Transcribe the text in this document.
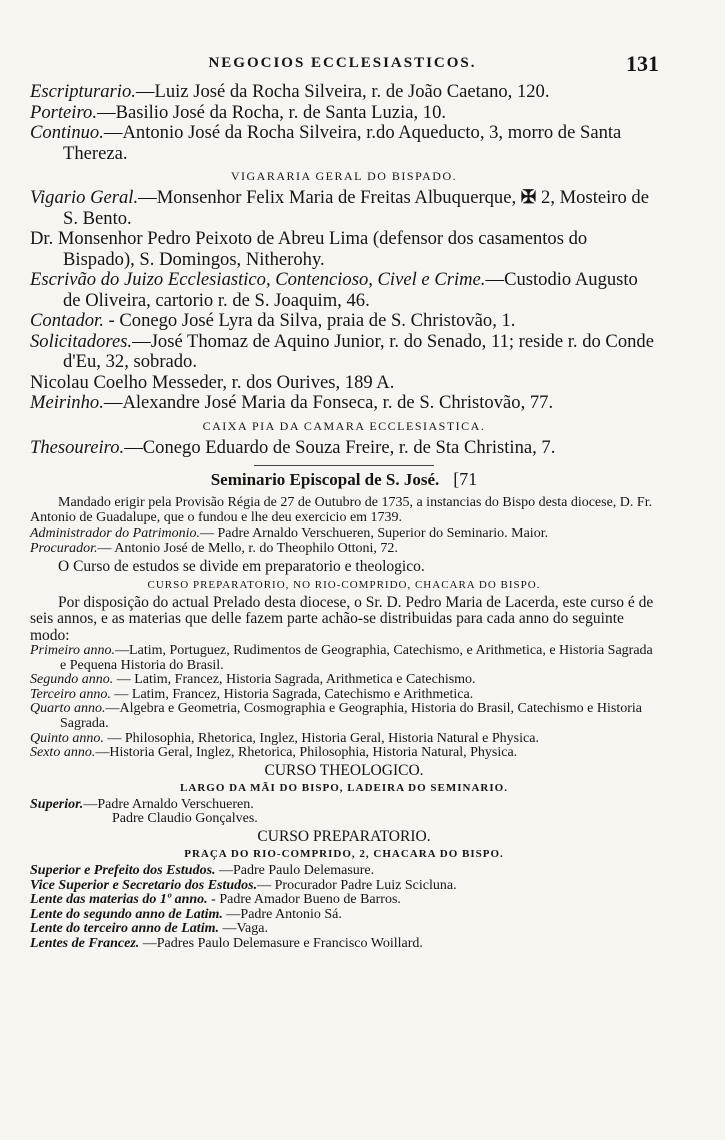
NEGOCIOS ECCLESIASTICOS.	131
Escripturario.—Luiz José da Rocha Silveira, r. de João Caetano, 120.
Porteiro.—Basilio José da Rocha, r. de Santa Luzia, 10.
Continuo.—Antonio José da Rocha Silveira, r.do Aqueducto, 3, morro de Santa Thereza.
VIGARARIA GERAL DO BISPADO.
Vigario Geral.—Monsenhor Felix Maria de Freitas Albuquerque, ✠ 2, Mosteiro de S. Bento.
Dr. Monsenhor Pedro Peixoto de Abreu Lima (defensor dos casamentos do Bispado), S. Domingos, Nitherohy.
Escrivão do Juizo Ecclesiastico, Contencioso, Civel e Crime.—Custodio Augusto de Oliveira, cartorio r. de S. Joaquim, 46.
Contador. - Conego José Lyra da Silva, praia de S. Christovão, 1.
Solicitadores.—José Thomaz de Aquino Junior, r. do Senado, 11; reside r. do Conde d'Eu, 32, sobrado.
Nicolau Coelho Messeder, r. dos Ourives, 189 A.
Meirinho.—Alexandre José Maria da Fonseca, r. de S. Christovão, 77.
CAIXA PIA DA CAMARA ECCLESIASTICA.
Thesoureiro.—Conego Eduardo de Souza Freire, r. de Sta Christina, 7.
Seminario Episcopal de S. José. [71
Mandado erigir pela Provisão Régia de 27 de Outubro de 1735, a instancias do Bispo desta diocese, D. Fr. Antonio de Guadalupe, que o fundou e lhe deu exercicio em 1739.
Administrador do Patrimonio.— Padre Arnaldo Verschueren, Superior do Seminario. Maior.
Procurador.— Antonio José de Mello, r. do Theophilo Ottoni, 72.
O Curso de estudos se divide em preparatorio e theologico.
CURSO PREPARATORIO, NO RIO-COMPRIDO, CHACARA DO BISPO.
Por disposição do actual Prelado desta diocese, o Sr. D. Pedro Maria de Lacerda, este curso é de seis annos, e as materias que delle fazem parte achão-se distribuidas para cada anno do seguinte modo:
Primeiro anno.—Latim, Portuguez, Rudimentos de Geographia, Catechismo, e Arithmetica, e Historia Sagrada e Pequena Historia do Brasil.
Segundo anno. — Latim, Francez, Historia Sagrada, Arithmetica e Catechismo.
Terceiro anno. — Latim, Francez, Historia Sagrada, Catechismo e Arithmetica.
Quarto anno.—Algebra e Geometria, Cosmographia e Geographia, Historia do Brasil, Catechismo e Historia Sagrada.
Quinto anno. — Philosophia, Rhetorica, Inglez, Historia Geral, Historia Natural e Physica.
Sexto anno.—Historia Geral, Inglez, Rhetorica, Philosophia, Historia Natural, Physica.
CURSO THEOLOGICO.
LARGO DA MÃI DO BISPO, LADEIRA DO SEMINARIO.
Superior.—Padre Arnaldo Verschueren.
Padre Claudio Gonçalves.
CURSO PREPARATORIO.
PRAÇA DO RIO-COMPRIDO, 2, CHACARA DO BISPO.
Superior e Prefeito dos Estudos. —Padre Paulo Delemasure.
Vice Superior e Secretario dos Estudos.— Procurador Padre Luiz Scicluna.
Lente das materias do 1º anno. - Padre Amador Bueno de Barros.
Lente do segundo anno de Latim. —Padre Antonio Sá.
Lente do terceiro anno de Latim. —Vaga.
Lentes de Francez. —Padres Paulo Delemasure e Francisco Woillard.
